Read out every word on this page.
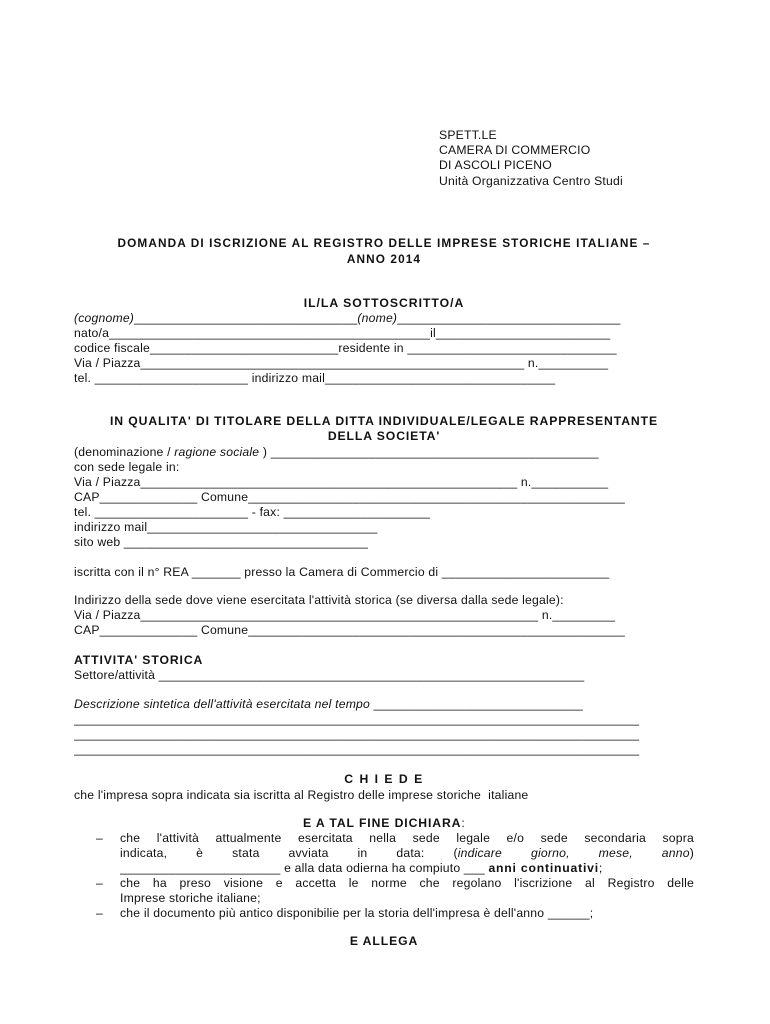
SPETT.LE
CAMERA DI COMMERCIO
DI ASCOLI PICENO
Unità Organizzativa Centro Studi
DOMANDA DI ISCRIZIONE AL REGISTRO DELLE IMPRESE STORICHE ITALIANE –
ANNO 2014
IL/LA SOTTOSCRITTO/A
(cognome)________________________________(nome)________________________________
nato/a______________________________________________il_________________________
codice fiscale___________________________residente in ______________________________
Via / Piazza_______________________________________________________ n.__________
tel. ______________________ indirizzo mail_________________________________
IN QUALITA' DI TITOLARE DELLA DITTA INDIVIDUALE/LEGALE RAPPRESENTANTE
DELLA SOCIETA'
(denominazione / ragione sociale ) _______________________________________________
con sede legale in:
Via / Piazza______________________________________________________ n.___________
CAP______________ Comune______________________________________________________
tel. ______________________ - fax: _____________________
indirizzo mail_________________________________
sito web ___________________________________
iscritta con il n° REA _______ presso la Camera di Commercio di ________________________
Indirizzo della sede dove viene esercitata l'attività storica (se diversa dalla sede legale):
Via / Piazza_________________________________________________________ n._________
CAP______________ Comune______________________________________________________
ATTIVITA' STORICA
Settore/attività _____________________________________________________________
Descrizione sintetica dell'attività esercitata nel tempo ______________________________
_________________________________________________________________________________
_________________________________________________________________________________
_________________________________________________________________________________
C H I E D E
che l'impresa sopra indicata sia iscritta al Registro delle imprese storiche  italiane
E A TAL FINE DICHIARA:
– che l'attività attualmente esercitata nella sede legale e/o sede secondaria sopra
indicata, è stata avviata in data: (indicare giorno, mese, anno)
_______________________ e alla data odierna ha compiuto ___ anni continuativi;
– che ha preso visione e accetta le norme che regolano l'iscrizione al Registro delle
Imprese storiche italiane;
– che il documento più antico disponibilie per la storia dell'impresa è dell'anno ______;
E ALLEGA
